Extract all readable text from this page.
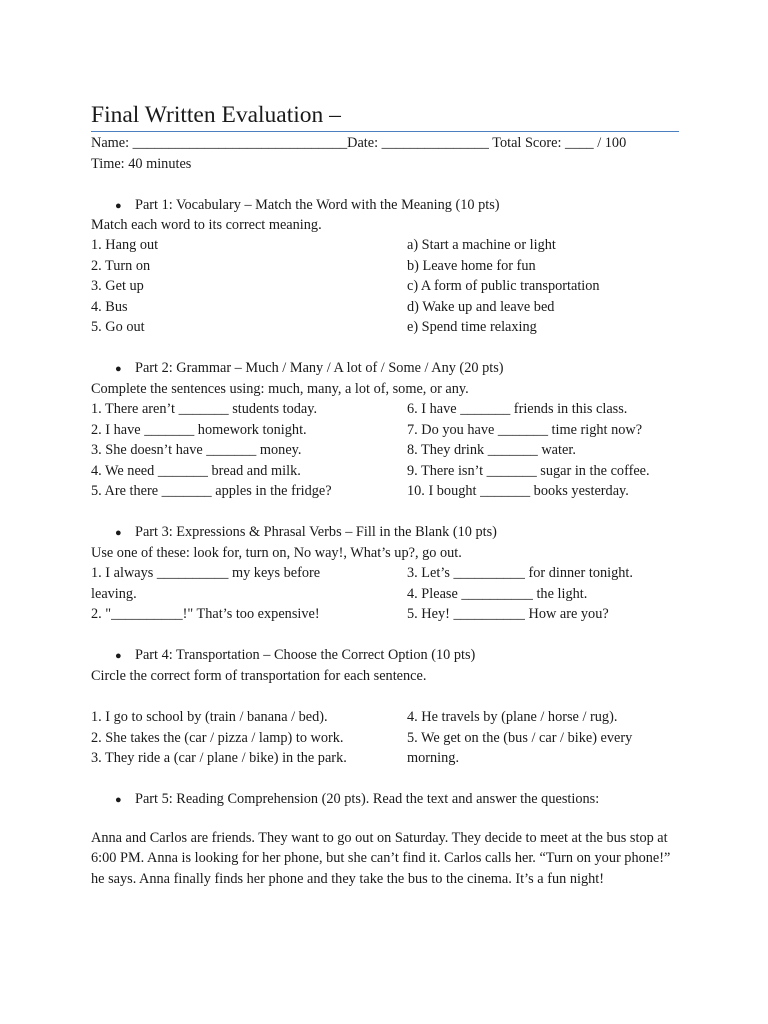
Final Written Evaluation –
Name: ______________________________Date: _______________ Total Score: ____ / 100
Time: 40 minutes
● Part 1: Vocabulary – Match the Word with the Meaning (10 pts)
Match each word to its correct meaning.
1. Hang out
2. Turn on
3. Get up
4. Bus
5. Go out
a) Start a machine or light
b) Leave home for fun
c) A form of public transportation
d) Wake up and leave bed
e) Spend time relaxing
● Part 2: Grammar – Much / Many / A lot of / Some / Any (20 pts)
Complete the sentences using: much, many, a lot of, some, or any.
1. There aren’t _______ students today.
2. I have _______ homework tonight.
3. She doesn’t have _______ money.
4. We need _______ bread and milk.
5. Are there _______ apples in the fridge?
6. I have _______ friends in this class.
7. Do you have _______ time right now?
8. They drink _______ water.
9. There isn’t _______ sugar in the coffee.
10. I bought _______ books yesterday.
● Part 3: Expressions & Phrasal Verbs – Fill in the Blank (10 pts)
Use one of these: look for, turn on, No way!, What’s up?, go out.
1. I always __________ my keys before
leaving.
2. "__________!" That’s too expensive!
3. Let’s __________ for dinner tonight.
4. Please __________ the light.
5. Hey! __________ How are you?
● Part 4: Transportation – Choose the Correct Option (10 pts)
Circle the correct form of transportation for each sentence.
1. I go to school by (train / banana / bed).
2. She takes the (car / pizza / lamp) to work.
3. They ride a (car / plane / bike) in the park.
4. He travels by (plane / horse / rug).
5. We get on the (bus / car / bike) every
morning.
● Part 5: Reading Comprehension (20 pts). Read the text and answer the questions:
Anna and Carlos are friends. They want to go out on Saturday. They decide to meet at the bus stop at 6:00 PM. Anna is looking for her phone, but she can’t find it. Carlos calls her. “Turn on your phone!” he says. Anna finally finds her phone and they take the bus to the cinema. It’s a fun night!
